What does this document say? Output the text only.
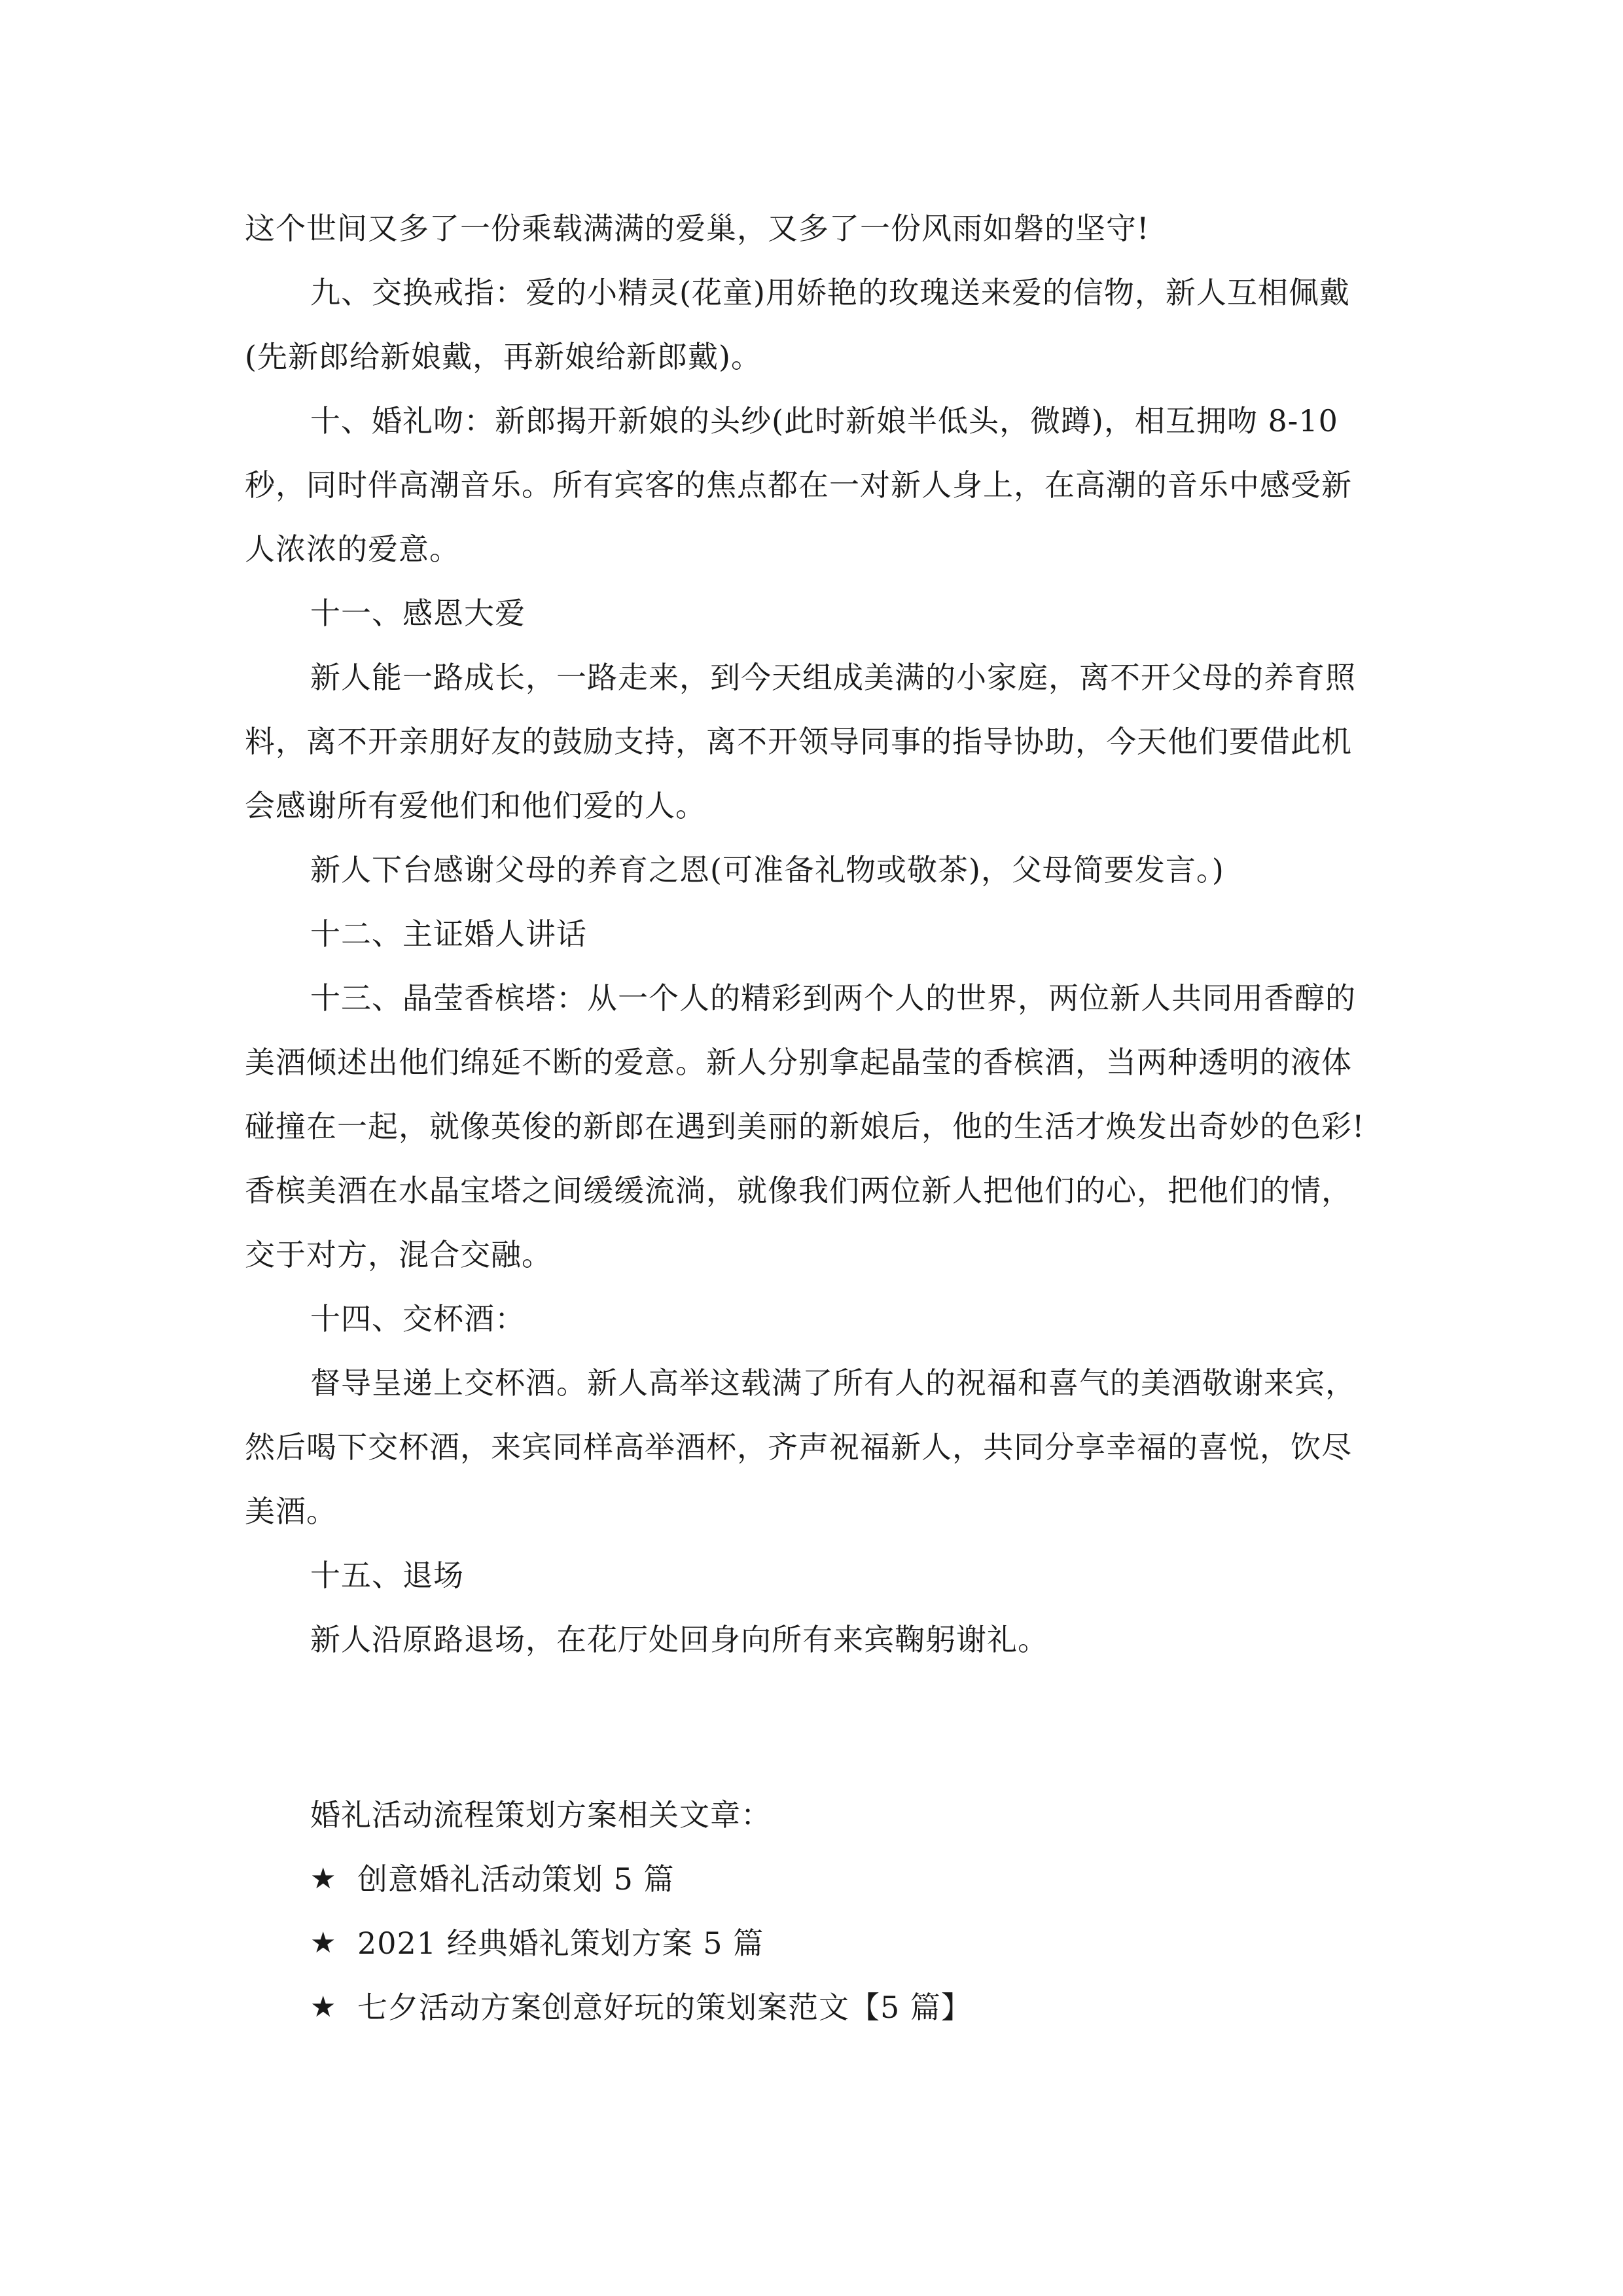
这个世间又多了一份乘载满满的爱巢，又多了一份风雨如磐的坚守!

九、交换戒指：爱的小精灵(花童)用娇艳的玫瑰送来爱的信物，新人互相佩戴(先新郎给新娘戴，再新娘给新郎戴)。

十、婚礼吻：新郎揭开新娘的头纱(此时新娘半低头，微蹲)，相互拥吻 8-10 秒，同时伴高潮音乐。所有宾客的焦点都在一对新人身上，在高潮的音乐中感受新人浓浓的爱意。

十一、感恩大爱

新人能一路成长，一路走来，到今天组成美满的小家庭，离不开父母的养育照料，离不开亲朋好友的鼓励支持，离不开领导同事的指导协助，今天他们要借此机会感谢所有爱他们和他们爱的人。

新人下台感谢父母的养育之恩(可准备礼物或敬茶)，父母简要发言。)

十二、主证婚人讲话

十三、晶莹香槟塔：从一个人的精彩到两个人的世界，两位新人共同用香醇的美酒倾述出他们绵延不断的爱意。新人分别拿起晶莹的香槟酒，当两种透明的液体碰撞在一起，就像英俊的新郎在遇到美丽的新娘后，他的生活才焕发出奇妙的色彩!香槟美酒在水晶宝塔之间缓缓流淌，就像我们两位新人把他们的心，把他们的情，交于对方，混合交融。

十四、交杯酒：

督导呈递上交杯酒。新人高举这载满了所有人的祝福和喜气的美酒敬谢来宾，然后喝下交杯酒，来宾同样高举酒杯，齐声祝福新人，共同分享幸福的喜悦，饮尽美酒。

十五、退场

新人沿原路退场，在花厅处回身向所有来宾鞠躬谢礼。

婚礼活动流程策划方案相关文章：
★ 创意婚礼活动策划 5 篇
★ 2021 经典婚礼策划方案 5 篇
★ 七夕活动方案创意好玩的策划案范文【5 篇】
